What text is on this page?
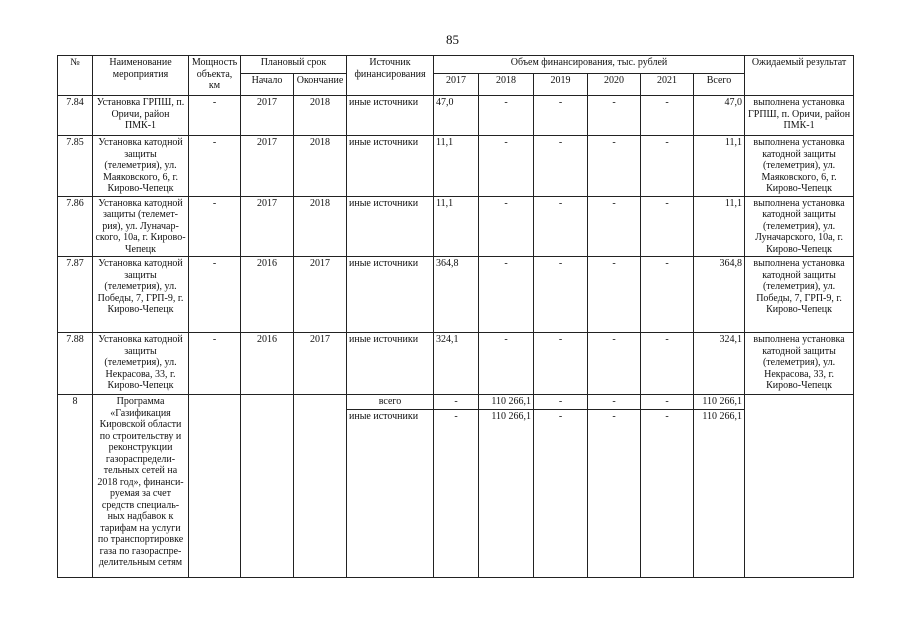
85
№	Наименование мероприятия	Мощность объекта, км	Плановый срок		Источник финансирования	Объем финансирования, тыс. рублей						Ожидаемый результат
			Начало	Окончание		2017	2018	2019	2020	2021	Всего	
7.84	Установка ГРПШ, п. Оричи, район ПМК-1	-	2017	2018	иные источники	47,0	-	-	-	-	47,0	выполнена установка ГРПШ, п. Оричи, район ПМК-1
7.85	Установка катодной защиты (телеметрия), ул. Маяковского, 6, г. Кирово-Чепецк	-	2017	2018	иные источники	11,1	-	-	-	-	11,1	выполнена установка катодной защиты (телеметрия), ул. Маяковского, 6, г. Кирово-Чепецк
7.86	Установка катодной защиты (телемет-рия), ул. Луначар-ского, 10а, г. Кирово-Чепецк	-	2017	2018	иные источники	11,1	-	-	-	-	11,1	выполнена установка катодной защиты (телеметрия), ул. Луначарского, 10а, г. Кирово-Чепецк
7.87	Установка катодной защиты (телеметрия), ул. Победы, 7, ГРП-9, г. Кирово-Чепецк	-	2016	2017	иные источники	364,8	-	-	-	-	364,8	выполнена установка катодной защиты (телеметрия), ул. Победы, 7, ГРП-9, г. Кирово-Чепецк
7.88	Установка катодной защиты (телеметрия), ул. Некрасова, 33, г. Кирово-Чепецк	-	2016	2017	иные источники	324,1	-	-	-	-	324,1	выполнена установка катодной защиты (телеметрия), ул. Некрасова, 33, г. Кирово-Чепецк
8	Программа «Газификация Кировской области по строительству и реконструкции газораспредели-тельных сетей на 2018 год», финанси-руемая за счет средств специаль-ных надбавок к тарифам на услуги по транспортировке газа по газораспре-делительным сетям				всего	-	110 266,1	-	-	-	110 266,1	
					иные источники	-	110 266,1	-	-	-	110 266,1	
